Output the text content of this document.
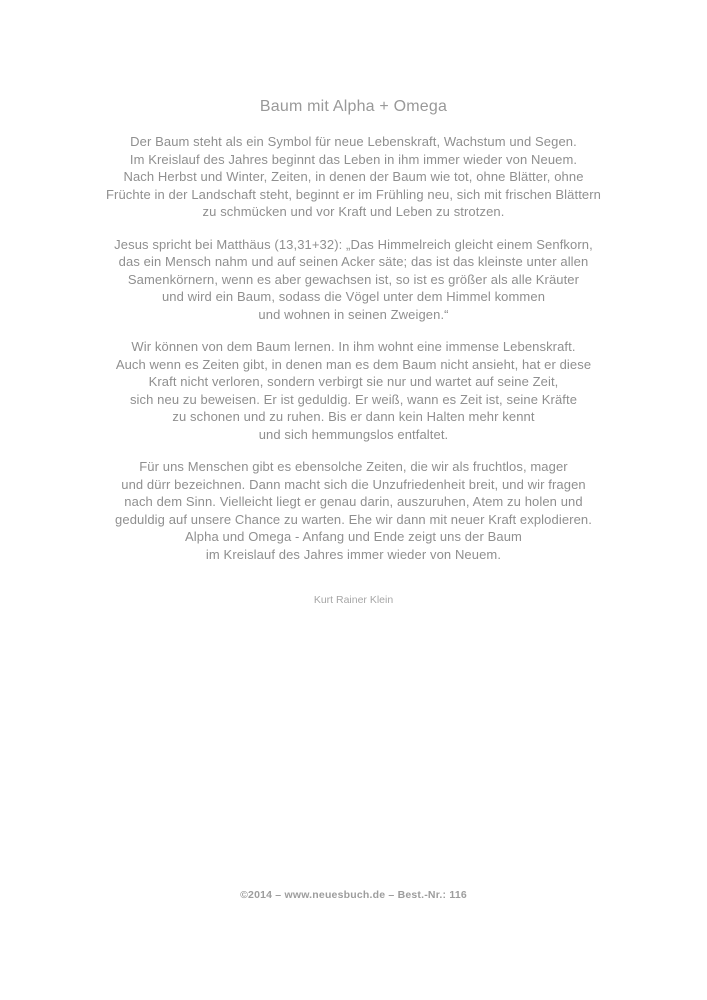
Baum mit Alpha + Omega
Der Baum steht als ein Symbol für neue Lebenskraft, Wachstum und Segen.
Im Kreislauf des Jahres beginnt das Leben in ihm immer wieder von Neuem.
Nach Herbst und Winter, Zeiten, in denen der Baum wie tot, ohne Blätter, ohne
Früchte in der Landschaft steht, beginnt er im Frühling neu, sich mit frischen Blättern
zu schmücken und vor Kraft und Leben zu strotzen.
Jesus spricht bei Matthäus (13,31+32): „Das Himmelreich gleicht einem Senfkorn,
das ein Mensch nahm und auf seinen Acker säte; das ist das kleinste unter allen
Samenkörnern, wenn es aber gewachsen ist, so ist es größer als alle Kräuter
und wird ein Baum, sodass die Vögel unter dem Himmel kommen
und wohnen in seinen Zweigen.“
Wir können von dem Baum lernen. In ihm wohnt eine immense Lebenskraft.
Auch wenn es Zeiten gibt, in denen man es dem Baum nicht ansieht, hat er diese
Kraft nicht verloren, sondern verbirgt sie nur und wartet auf seine Zeit,
sich neu zu beweisen. Er ist geduldig. Er weiß, wann es Zeit ist, seine Kräfte
zu schonen und zu ruhen. Bis er dann kein Halten mehr kennt
und sich hemmungslos entfaltet.
Für uns Menschen gibt es ebensolche Zeiten, die wir als fruchtlos, mager
und dürr bezeichnen. Dann macht sich die Unzufriedenheit breit, und wir fragen
nach dem Sinn. Vielleicht liegt er genau darin, auszuruhen, Atem zu holen und
geduldig auf unsere Chance zu warten. Ehe wir dann mit neuer Kraft explodieren.
Alpha und Omega - Anfang und Ende zeigt uns der Baum
im Kreislauf des Jahres immer wieder von Neuem.
Kurt Rainer Klein
©2014 – www.neuesbuch.de – Best.-Nr.: 116
